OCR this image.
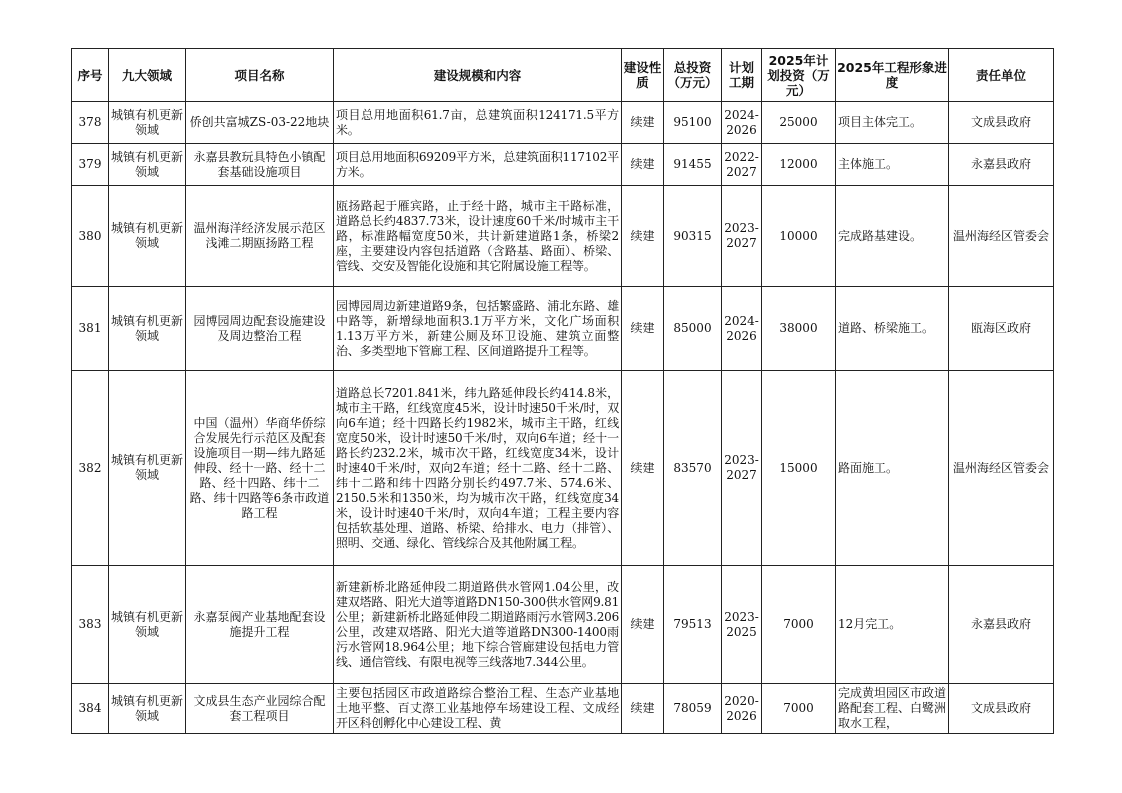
序号	九大领域	项目名称	建设规模和内容	建设性质	总投资（万元）	计划工期	2025年计划投资（万元）	2025年工程形象进度	责任单位
378	城镇有机更新领域	侨创共富城ZS-03-22地块	项目总用地面积61.7亩，总建筑面积124171.5平方米。	续建	95100	2024-2026	25000	项目主体完工。	文成县政府
379	城镇有机更新领域	永嘉县教玩具特色小镇配套基础设施项目	项目总用地面积69209平方米，总建筑面积117102平方米。	续建	91455	2022-2027	12000	主体施工。	永嘉县政府
380	城镇有机更新领域	温州海洋经济发展示范区浅滩二期瓯扬路工程	瓯扬路起于雁宾路，止于经十路，城市主干路标准，道路总长约4837.73米，设计速度60千米/时城市主干路，标准路幅宽度50米，共计新建道路1条，桥梁2座，主要建设内容包括道路（含路基、路面）、桥梁、管线、交安及智能化设施和其它附属设施工程等。	续建	90315	2023-2027	10000	完成路基建设。	温州海经区管委会
381	城镇有机更新领域	园博园周边配套设施建设及周边整治工程	园博园周边新建道路9条，包括繁盛路、浦北东路、雄中路等，新增绿地面积3.1万平方米，文化广场面积1.13万平方米，新建公厕及环卫设施、建筑立面整治、多类型地下管廊工程、区间道路提升工程等。	续建	85000	2024-2026	38000	道路、桥梁施工。	瓯海区政府
382	城镇有机更新领域	中国（温州）华商华侨综合发展先行示范区及配套设施项目一期—纬九路延伸段、经十一路、经十二路、经十四路、纬十二路、纬十四路等6条市政道路工程	道路总长7201.841米，纬九路延伸段长约414.8米，城市主干路，红线宽度45米，设计时速50千米/时，双向6车道；经十四路长约1982米，城市主干路，红线宽度50米，设计时速50千米/时，双向6车道；经十一路长约232.2米，城市次干路，红线宽度34米，设计时速40千米/时，双向2车道；经十二路、经十二路、纬十二路和纬十四路分别长约497.7米、574.6米、2150.5米和1350米，均为城市次干路，红线宽度34米，设计时速40千米/时，双向4车道；工程主要内容包括软基处理、道路、桥梁、给排水、电力（排管）、照明、交通、绿化、管线综合及其他附属工程。	续建	83570	2023-2027	15000	路面施工。	温州海经区管委会
383	城镇有机更新领域	永嘉泵阀产业基地配套设施提升工程	新建新桥北路延伸段二期道路供水管网1.04公里，改建双塔路、阳光大道等道路DN150-300供水管网9.81公里；新建新桥北路延伸段二期道路雨污水管网3.206公里，改建双塔路、阳光大道等道路DN300-1400雨污水管网18.964公里；地下综合管廊建设包括电力管线、通信管线、有限电视等三线落地7.344公里。	续建	79513	2023-2025	7000	12月完工。	永嘉县政府
384	城镇有机更新领域	文成县生态产业园综合配套工程项目	主要包括园区市政道路综合整治工程、生态产业基地土地平整、百丈漈工业基地停车场建设工程、文成经开区科创孵化中心建设工程、黄	续建	78059	2020-2026	7000	完成黄坦园区市政道路配套工程、白鹭洲取水工程，	文成县政府
